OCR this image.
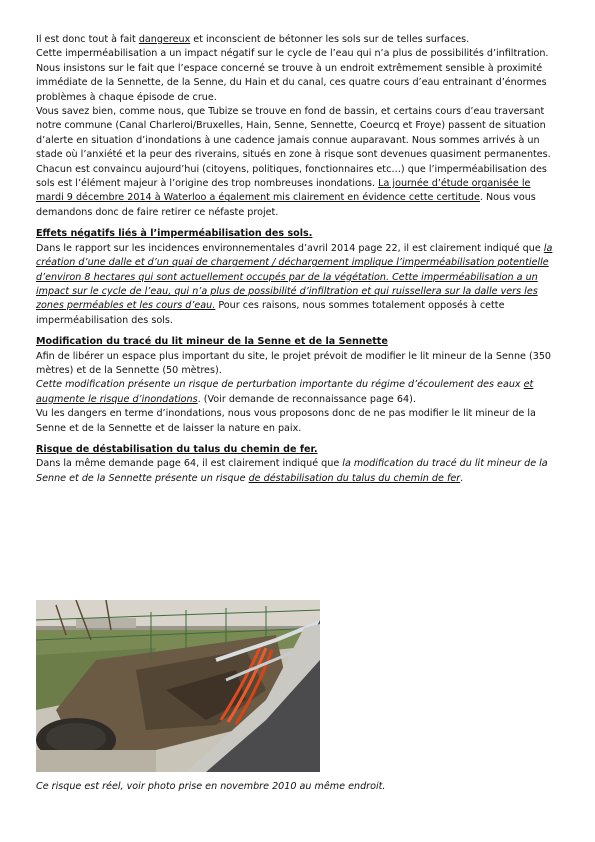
Il est donc tout à fait dangereux et inconscient de bétonner les sols sur de telles surfaces.
Cette imperméabilisation a un impact négatif sur le cycle de l’eau qui n’a plus de possibilités d’infiltration. Nous insistons sur le fait que l’espace concerné se trouve à un endroit extrêmement sensible à proximité immédiate de la Sennette, de la Senne, du Hain et du canal, ces quatre cours d’eau entrainant d’énormes problèmes à chaque épisode de crue.
Vous savez bien, comme nous, que Tubize se trouve en fond de bassin, et certains cours d’eau traversant notre commune (Canal Charleroi/Bruxelles, Hain, Senne, Sennette, Coeurcq et Froye) passent de situation d’alerte en situation d’inondations à une cadence jamais connue auparavant. Nous sommes arrivés à un stade où l’anxiété et la peur des riverains, situés en zone à risque sont devenues quasiment permanentes.
Chacun est convaincu aujourd’hui (citoyens, politiques, fonctionnaires etc…) que l’imperméabilisation des sols est l’élément majeur à l’origine des trop nombreuses inondations. La journée d’étude organisée le mardi 9 décembre 2014 à Waterloo a également mis clairement en évidence cette certitude. Nous vous demandons donc de faire retirer ce néfaste projet.

Effets négatifs liés à l’imperméabilisation des sols.

Dans le rapport sur les incidences environnementales d’avril 2014 page 22, il est clairement indiqué que la création d’une dalle et d’un quai de chargement / déchargement implique l’imperméabilisation potentielle d’environ 8 hectares qui sont actuellement occupés par de la végétation. Cette imperméabilisation a un impact sur le cycle de l’eau, qui n’a plus de possibilité d’infiltration et qui ruissellera sur la dalle vers les zones perméables et les cours d’eau. Pour ces raisons, nous sommes totalement opposés à cette imperméabilisation des sols.

Modification du tracé du lit mineur de la Senne et de la Sennette

Afin de libérer un espace plus important du site, le projet prévoit de modifier le lit mineur de la Senne (350 mètres) et de la Sennette (50 mètres).
Cette modification présente un risque de perturbation importante du régime d’écoulement des eaux et augmente le risque d’inondations. (Voir demande de reconnaissance page 64).
Vu les dangers en terme d’inondations, nous vous proposons donc de ne pas modifier le lit mineur de la Senne et de la Sennette et de laisser la nature en paix.

Risque de déstabilisation du talus du chemin de fer.

Dans la même demande page 64, il est clairement indiqué que la modification du tracé du lit mineur de la Senne et de la Sennette présente un risque de déstabilisation du talus du chemin de fer.

Ce risque est réel, voir photo prise en novembre 2010 au même endroit.
